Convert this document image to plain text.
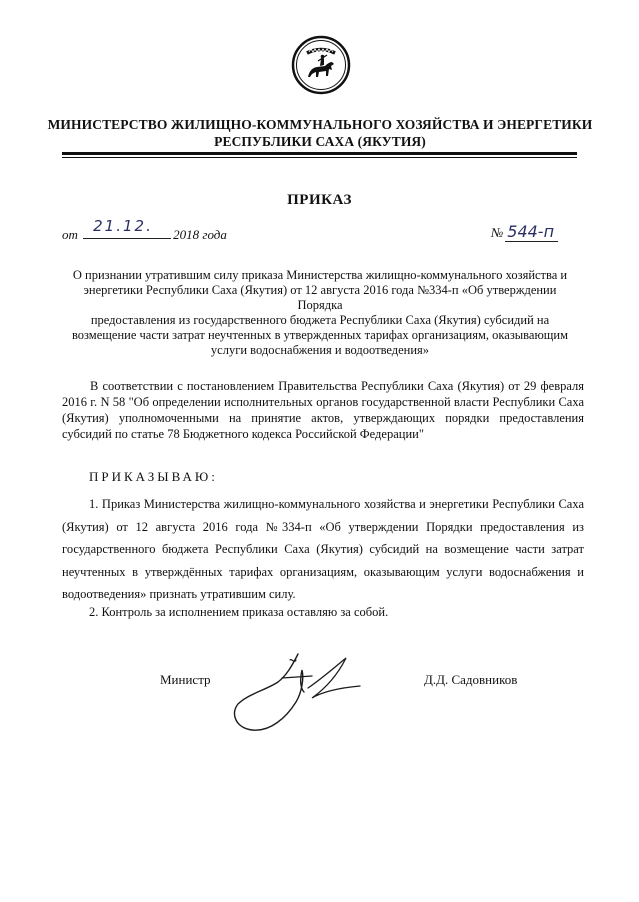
МИНИСТЕРСТВО ЖИЛИЩНО-КОММУНАЛЬНОГО ХОЗЯЙСТВА И ЭНЕРГЕТИКИ
РЕСПУБЛИКИ САХА (ЯКУТИЯ)
ПРИКАЗ
от 21.12. 2018 года	№ 544-п
О признании утратившим силу приказа Министерства жилищно-коммунального хозяйства и
энергетики Республики Саха (Якутия) от 12 августа 2016 года №334-п «Об утверждении Порядка
предоставления из государственного бюджета Республики Саха (Якутия) субсидий на
возмещение части затрат неучтенных в утвержденных тарифах организациям, оказывающим
услуги водоснабжения и водоотведения»
В соответствии с постановлением Правительства Республики Саха (Якутия) от 29 февраля 2016 г. N 58 "Об определении исполнительных органов государственной власти Республики Саха (Якутия) уполномоченными на принятие актов, утверждающих порядки предоставления субсидий по статье 78 Бюджетного кодекса Российской Федерации"
ПРИКАЗЫВАЮ:
1. Приказ Министерства жилищно-коммунального хозяйства и энергетики Республики Саха (Якутия) от 12 августа 2016 года №334-п «Об утверждении Порядки предоставления из государственного бюджета Республики Саха (Якутия) субсидий на возмещение части затрат неучтенных в утверждённых тарифах организациям, оказывающим услуги водоснабжения и водоотведения» признать утратившим силу.
2. Контроль за исполнением приказа оставляю за собой.
Министр	Д.Д. Садовников
